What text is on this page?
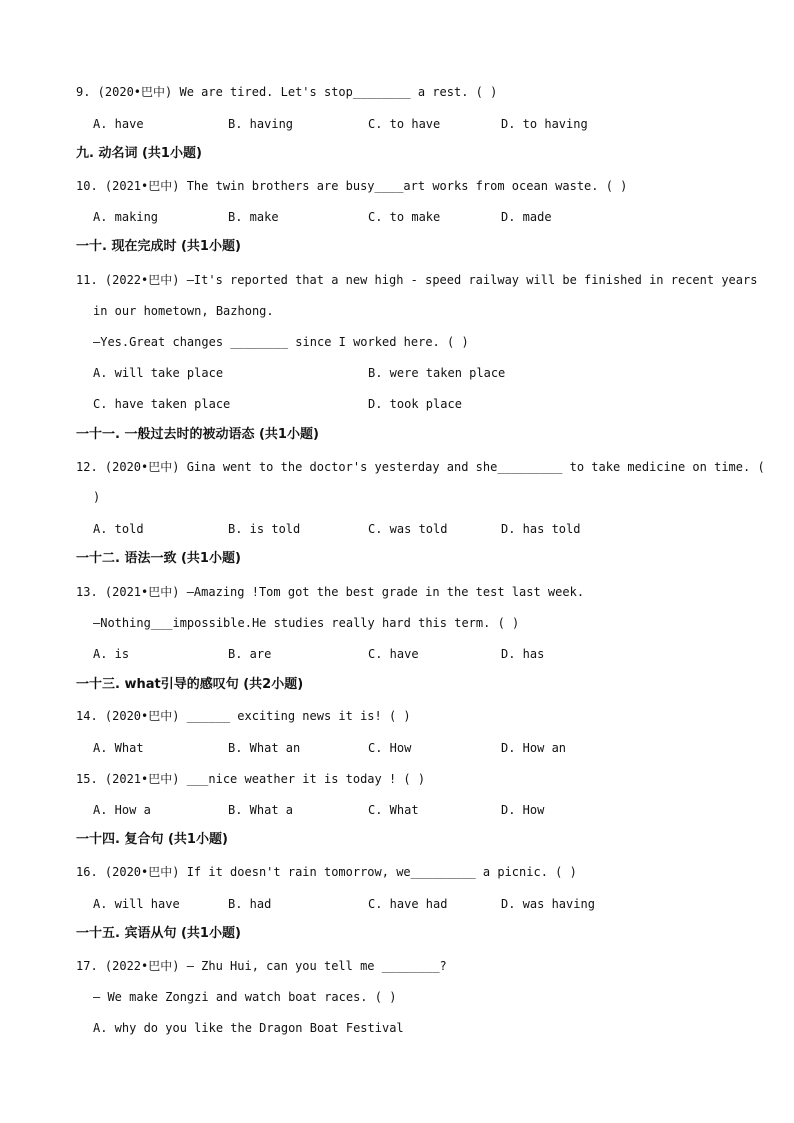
9. (2020•巴中) We are tired. Let's stop________ a rest. ( )
A. have	B. having	C. to have	D. to having
九. 动名词 (共1小题)
10. (2021•巴中) The twin brothers are busy____art works from ocean waste. ( )
A. making	B. make	C. to make	D. made
一十. 现在完成时 (共1小题)
11. (2022•巴中) —It's reported that a new high - speed railway will be finished in recent years
in our hometown, Bazhong.
—Yes.Great changes ________ since I worked here. ( )
A. will take place	B. were taken place
C. have taken place	D. took place
一十一. 一般过去时的被动语态 (共1小题)
12. (2020•巴中) Gina went to the doctor's yesterday and she_________ to take medicine on time. (
)
A. told	B. is told	C. was told	D. has told
一十二. 语法一致 (共1小题)
13. (2021•巴中) —Amazing !Tom got the best grade in the test last week.
—Nothing___impossible.He studies really hard this term. ( )
A. is	B. are	C. have	D. has
一十三. what引导的感叹句 (共2小题)
14. (2020•巴中) ______ exciting news it is! ( )
A. What	B. What an	C. How	D. How an
15. (2021•巴中) ___nice weather it is today ! ( )
A. How a	B. What a	C. What	D. How
一十四. 复合句 (共1小题)
16. (2020•巴中) If it doesn't rain tomorrow, we_________ a picnic. ( )
A. will have	B. had	C. have had	D. was having
一十五. 宾语从句 (共1小题)
17. (2022•巴中) — Zhu Hui, can you tell me ________?
— We make Zongzi and watch boat races. ( )
A. why do you like the Dragon Boat Festival
